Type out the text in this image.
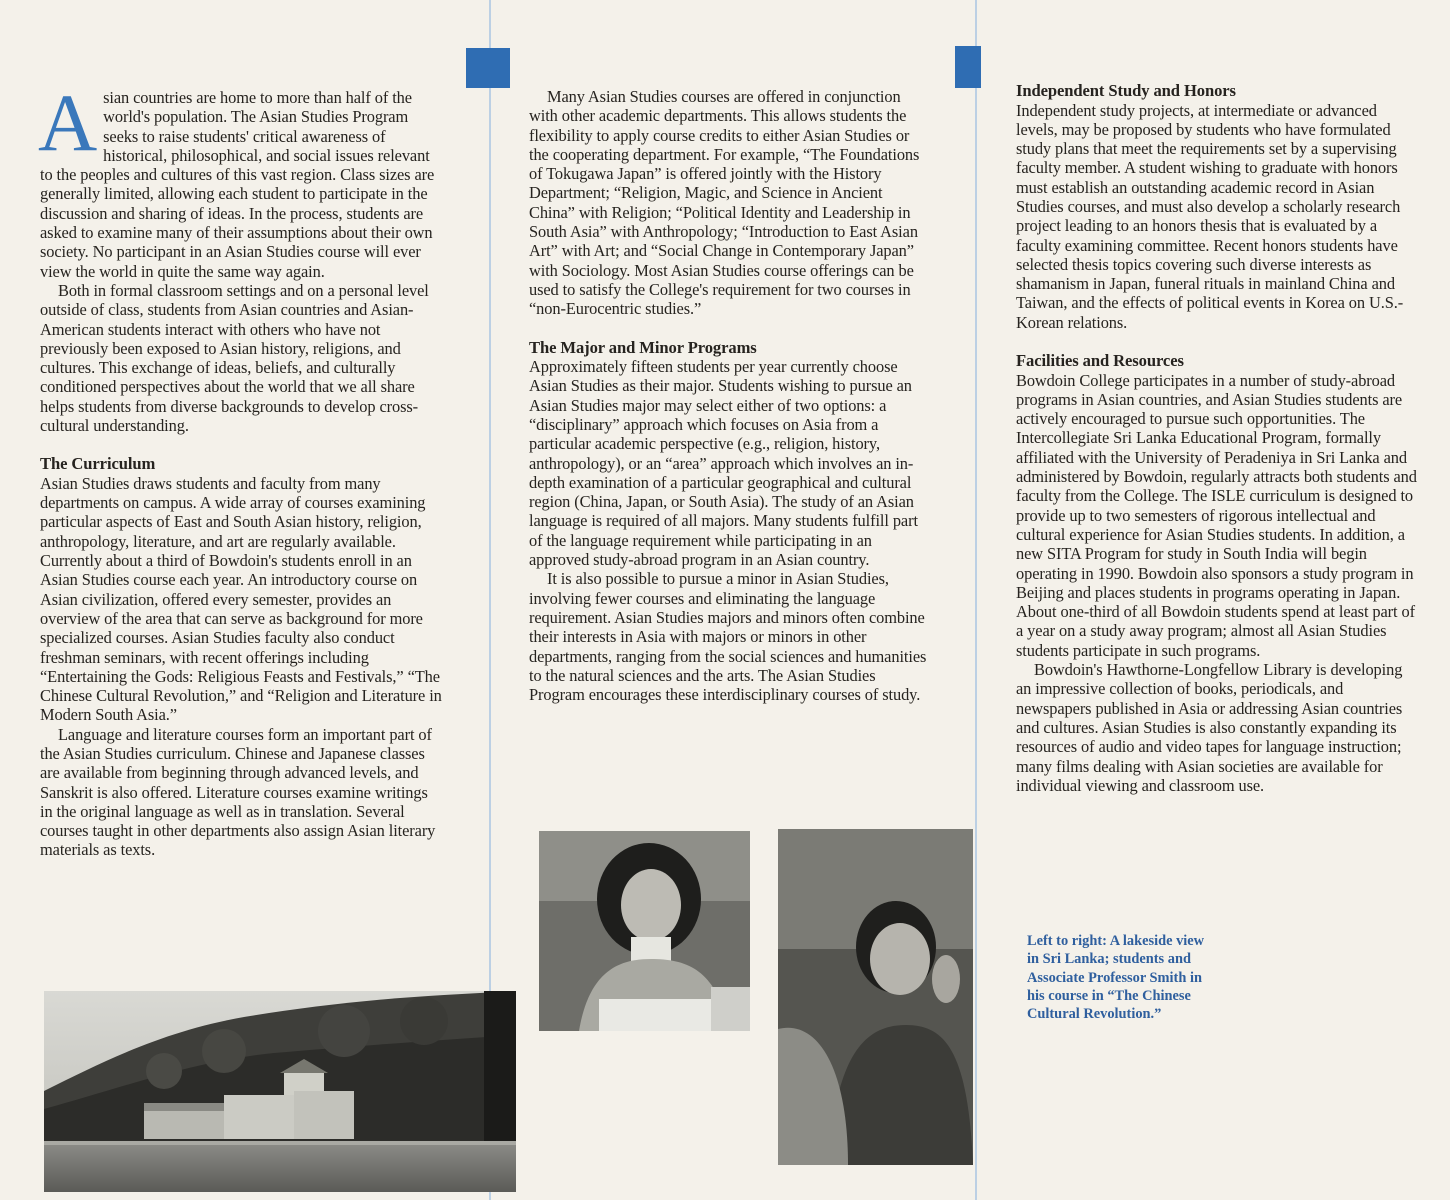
Asian countries are home to more than half of the world's population. The Asian Studies Program seeks to raise students' critical awareness of historical, philosophical, and social issues relevant to the peoples and cultures of this vast region. Class sizes are generally limited, allowing each student to participate in the discussion and sharing of ideas. In the process, students are asked to examine many of their assumptions about their own society. No participant in an Asian Studies course will ever view the world in quite the same way again.

Both in formal classroom settings and on a personal level outside of class, students from Asian countries and Asian-American students interact with others who have not previously been exposed to Asian history, religions, and cultures. This exchange of ideas, beliefs, and culturally conditioned perspectives about the world that we all share helps students from diverse backgrounds to develop cross-cultural understanding.

The Curriculum

Asian Studies draws students and faculty from many departments on campus. A wide array of courses examining particular aspects of East and South Asian history, religion, anthropology, literature, and art are regularly available. Currently about a third of Bowdoin's students enroll in an Asian Studies course each year. An introductory course on Asian civilization, offered every semester, provides an overview of the area that can serve as background for more specialized courses. Asian Studies faculty also conduct freshman seminars, with recent offerings including “Entertaining the Gods: Religious Feasts and Festivals,” “The Chinese Cultural Revolution,” and “Religion and Literature in Modern South Asia.”

Language and literature courses form an important part of the Asian Studies curriculum. Chinese and Japanese classes are available from beginning through advanced levels, and Sanskrit is also offered. Literature courses examine writings in the original language as well as in translation. Several courses taught in other departments also assign Asian literary materials as texts.

Many Asian Studies courses are offered in conjunction with other academic departments. This allows students the flexibility to apply course credits to either Asian Studies or the cooperating department. For example, “The Foundations of Tokugawa Japan” is offered jointly with the History Department; “Religion, Magic, and Science in Ancient China” with Religion; “Political Identity and Leadership in South Asia” with Anthropology; “Introduction to East Asian Art” with Art; and “Social Change in Contemporary Japan” with Sociology. Most Asian Studies course offerings can be used to satisfy the College's requirement for two courses in “non-Eurocentric studies.”

The Major and Minor Programs

Approximately fifteen students per year currently choose Asian Studies as their major. Students wishing to pursue an Asian Studies major may select either of two options: a “disciplinary” approach which focuses on Asia from a particular academic perspective (e.g., religion, history, anthropology), or an “area” approach which involves an in-depth examination of a particular geographical and cultural region (China, Japan, or South Asia). The study of an Asian language is required of all majors. Many students fulfill part of the language requirement while participating in an approved study-abroad program in an Asian country.

It is also possible to pursue a minor in Asian Studies, involving fewer courses and eliminating the language requirement. Asian Studies majors and minors often combine their interests in Asia with majors or minors in other departments, ranging from the social sciences and humanities to the natural sciences and the arts. The Asian Studies Program encourages these interdisciplinary courses of study.

Independent Study and Honors

Independent study projects, at intermediate or advanced levels, may be proposed by students who have formulated study plans that meet the requirements set by a supervising faculty member. A student wishing to graduate with honors must establish an outstanding academic record in Asian Studies courses, and must also develop a scholarly research project leading to an honors thesis that is evaluated by a faculty examining committee. Recent honors students have selected thesis topics covering such diverse interests as shamanism in Japan, funeral rituals in mainland China and Taiwan, and the effects of political events in Korea on U.S.-Korean relations.

Facilities and Resources

Bowdoin College participates in a number of study-abroad programs in Asian countries, and Asian Studies students are actively encouraged to pursue such opportunities. The Intercollegiate Sri Lanka Educational Program, formally affiliated with the University of Peradeniya in Sri Lanka and administered by Bowdoin, regularly attracts both students and faculty from the College. The ISLE curriculum is designed to provide up to two semesters of rigorous intellectual and cultural experience for Asian Studies students. In addition, a new SITA Program for study in South India will begin operating in 1990. Bowdoin also sponsors a study program in Beijing and places students in programs operating in Japan. About one-third of all Bowdoin students spend at least part of a year on a study away program; almost all Asian Studies students participate in such programs.

Bowdoin's Hawthorne-Longfellow Library is developing an impressive collection of books, periodicals, and newspapers published in Asia or addressing Asian countries and cultures. Asian Studies is also constantly expanding its resources of audio and video tapes for language instruction; many films dealing with Asian societies are available for individual viewing and classroom use.

Left to right: A lakeside view in Sri Lanka; students and Associate Professor Smith in his course in “The Chinese Cultural Revolution.”
